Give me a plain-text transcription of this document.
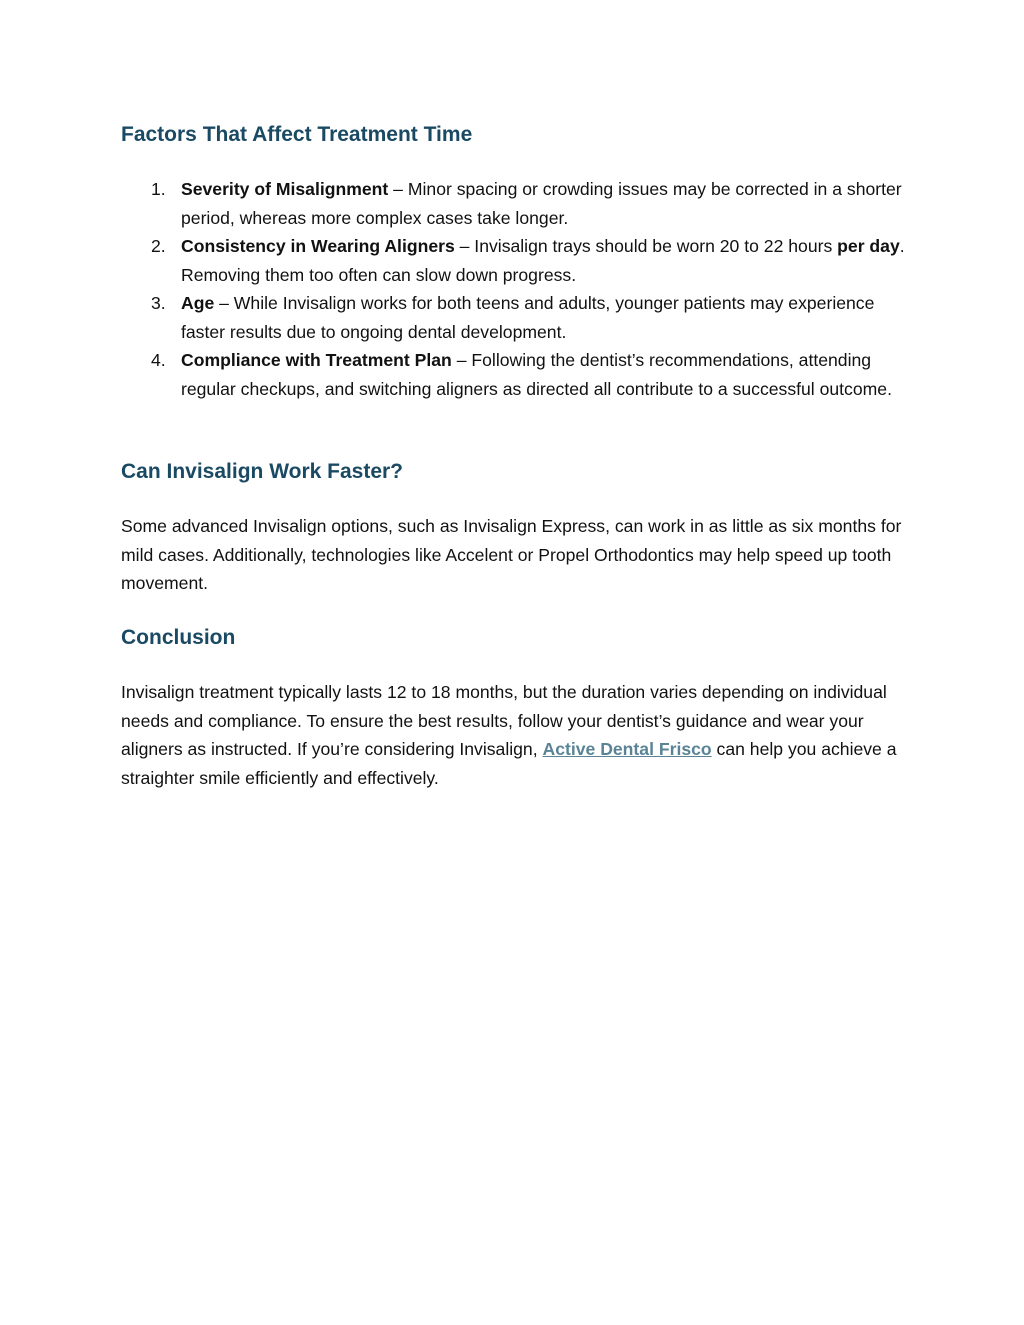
Factors That Affect Treatment Time
1. Severity of Misalignment – Minor spacing or crowding issues may be corrected in a shorter period, whereas more complex cases take longer.
2. Consistency in Wearing Aligners – Invisalign trays should be worn 20 to 22 hours per day. Removing them too often can slow down progress.
3. Age – While Invisalign works for both teens and adults, younger patients may experience faster results due to ongoing dental development.
4. Compliance with Treatment Plan – Following the dentist’s recommendations, attending regular checkups, and switching aligners as directed all contribute to a successful outcome.
Can Invisalign Work Faster?

Some advanced Invisalign options, such as Invisalign Express, can work in as little as six months for mild cases. Additionally, technologies like Accelent or Propel Orthodontics may help speed up tooth movement.

Conclusion

Invisalign treatment typically lasts 12 to 18 months, but the duration varies depending on individual needs and compliance. To ensure the best results, follow your dentist’s guidance and wear your aligners as instructed. If you’re considering Invisalign, Active Dental Frisco can help you achieve a straighter smile efficiently and effectively.
